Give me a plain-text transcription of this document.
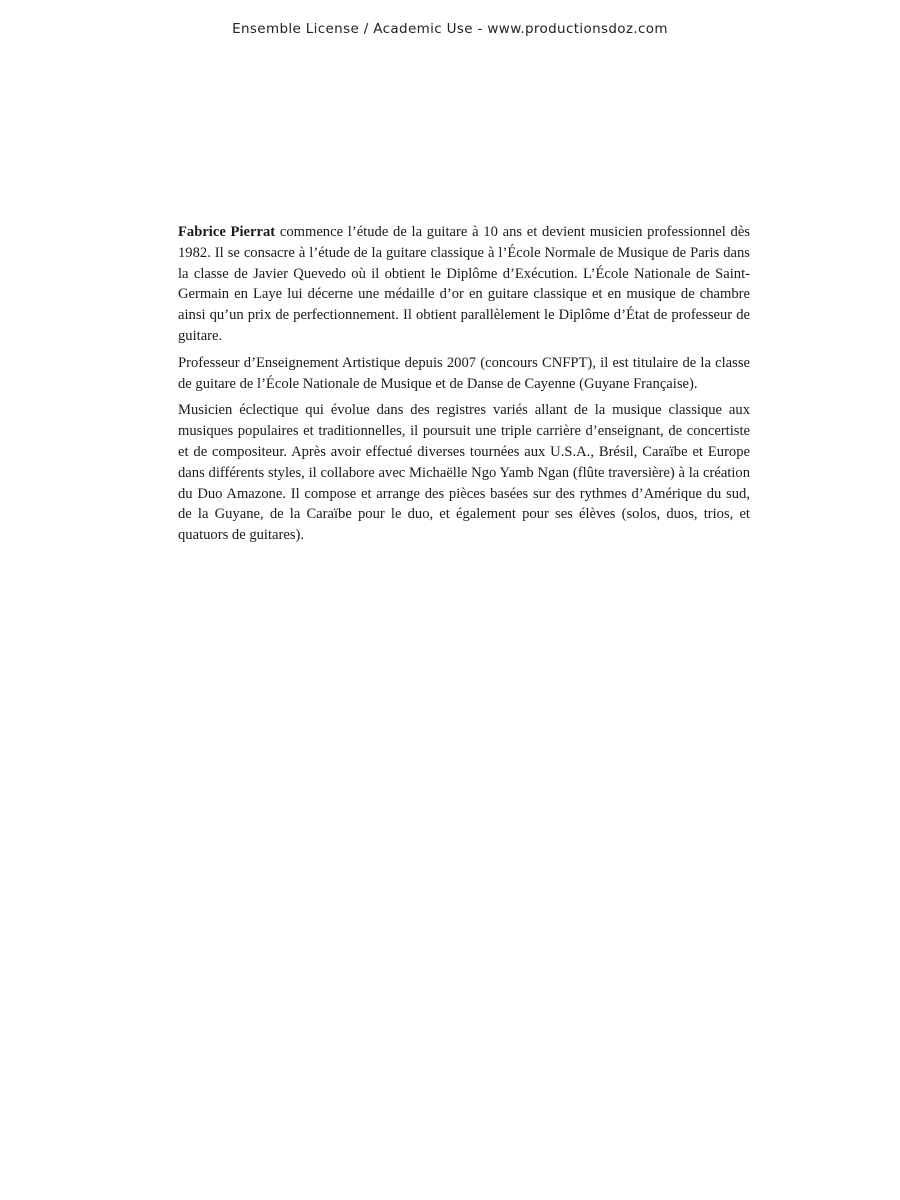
Ensemble License / Academic Use - www.productionsdoz.com

Fabrice Pierrat commence l’étude de la guitare à 10 ans et devient musicien professionnel dès 1982. Il se consacre à l’étude de la guitare classique à l’École Normale de Musique de Paris dans la classe de Javier Quevedo où il obtient le Diplôme d’Exécution. L’École Nationale de Saint-Germain en Laye lui décerne une médaille d’or en guitare classique et en musique de chambre ainsi qu’un prix de perfectionnement. Il obtient parallèlement le Diplôme d’État de professeur de guitare.

Professeur d’Enseignement Artistique depuis 2007 (concours CNFPT), il est titulaire de la classe de guitare de l’École Nationale de Musique et de Danse de Cayenne (Guyane Française).

Musicien éclectique qui évolue dans des registres variés allant de la musique classique aux musiques populaires et traditionnelles, il poursuit une triple carrière d’enseignant, de concertiste et de compositeur. Après avoir effectué diverses tournées aux U.S.A., Brésil, Caraïbe et Europe dans différents styles, il collabore avec Michaëlle Ngo Yamb Ngan (flûte traversière) à la création du Duo Amazone. Il compose et arrange des pièces basées sur des rythmes d’Amérique du sud, de la Guyane, de la Caraïbe pour le duo, et également pour ses élèves (solos, duos, trios, et quatuors de guitares).
